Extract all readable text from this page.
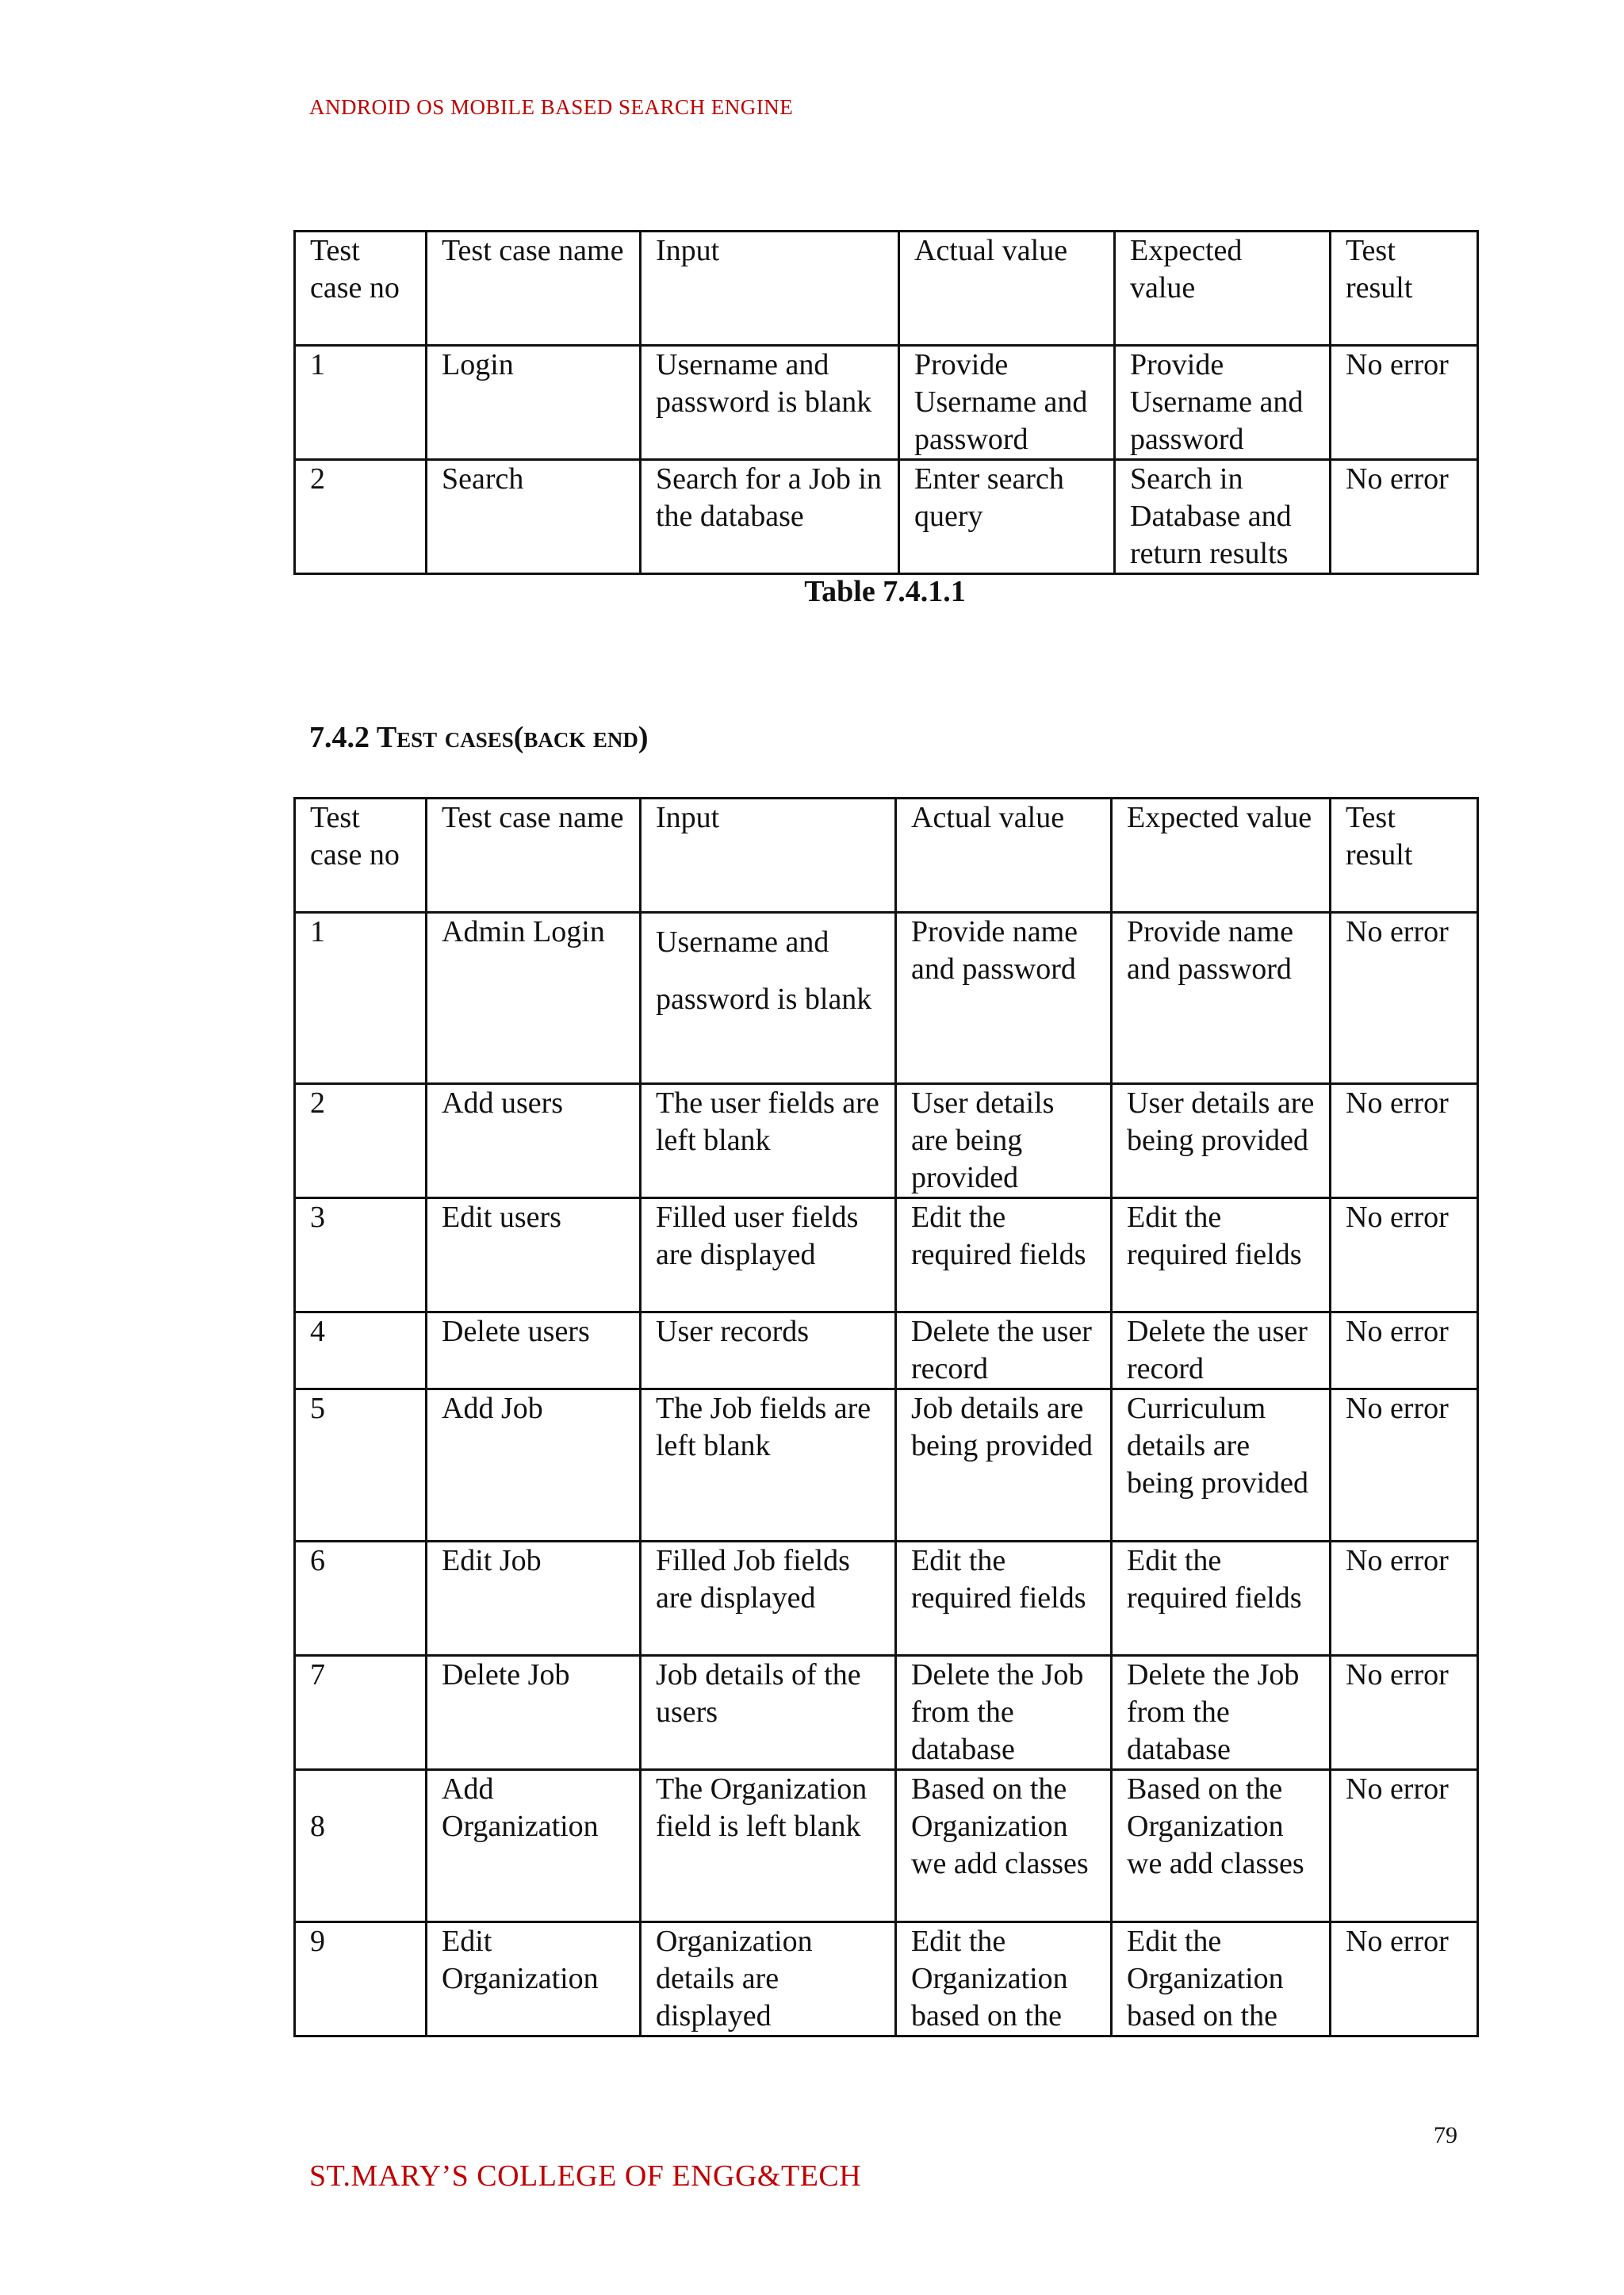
ANDROID OS MOBILE BASED SEARCH ENGINE
Test case no	Test case name	Input	Actual value	Expected value	Test result
1	Login	Username and password is blank	Provide Username and password	Provide Username and password	No error
2	Search	Search for a Job in the database	Enter search query	Search in Database and return results	No error
Table 7.4.1.1
7.4.2 Test cases(back end)
Test case no	Test case name	Input	Actual value	Expected value	Test result
1	Admin Login	Username and password is blank	Provide name and password	Provide name and password	No error
2	Add users	The user fields are left blank	User details are being provided	User details are being provided	No error
3	Edit users	Filled user fields are displayed	Edit the required fields	Edit the required fields	No error
4	Delete users	User records	Delete the user record	Delete the user record	No error
5	Add Job	The Job fields are left blank	Job details are being provided	Curriculum details are being provided	No error
6	Edit Job	Filled Job fields are displayed	Edit the required fields	Edit the required fields	No error
7	Delete Job	Job details of the users	Delete the Job from the database	Delete the Job from the database	No error
8	Add Organization	The Organization field is left blank	Based on the Organization we add classes	Based on the Organization we add classes	No error
9	Edit Organization	Organization details are displayed	Edit the Organization based on the	Edit the Organization based on the	No error
79
ST.MARY’S COLLEGE OF ENGG&TECH
